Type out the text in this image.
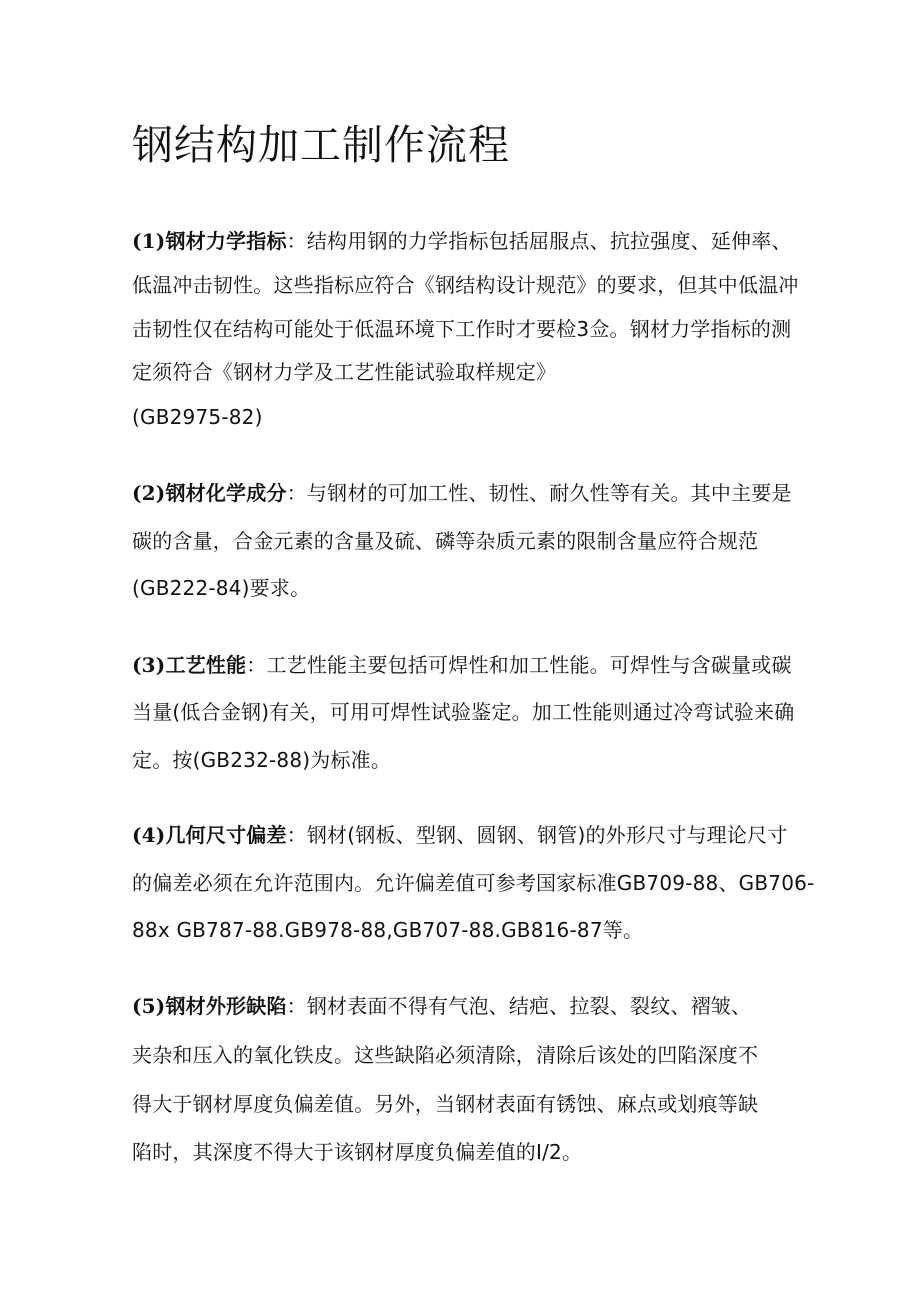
钢结构加工制作流程
(1)钢材力学指标：结构用钢的力学指标包括屈服点、抗拉强度、延伸率、
低温冲击韧性。这些指标应符合《钢结构设计规范》的要求，但其中低温冲
击韧性仅在结构可能处于低温环境下工作时才要检3佥。钢材力学指标的测
定须符合《钢材力学及工艺性能试验取样规定》
(GB2975-82)
(2)钢材化学成分：与钢材的可加工性、韧性、耐久性等有关。其中主要是
碳的含量，合金元素的含量及硫、磷等杂质元素的限制含量应符合规范
(GB222-84)要求。
(3)工艺性能：工艺性能主要包括可焊性和加工性能。可焊性与含碳量或碳
当量(低合金钢)有关，可用可焊性试验鉴定。加工性能则通过冷弯试验来确
定。按(GB232-88)为标准。
(4)几何尺寸偏差：钢材(钢板、型钢、圆钢、钢管)的外形尺寸与理论尺寸
的偏差必须在允许范围内。允许偏差值可参考国家标准GB709-88、GB706-
88x GB787-88.GB978-88,GB707-88.GB816-87等。
(5)钢材外形缺陷：钢材表面不得有气泡、结疤、拉裂、裂纹、褶皱、
夹杂和压入的氧化铁皮。这些缺陷必须清除，清除后该处的凹陷深度不
得大于钢材厚度负偏差值。另外，当钢材表面有锈蚀、麻点或划痕等缺
陷时，其深度不得大于该钢材厚度负偏差值的I/2。
